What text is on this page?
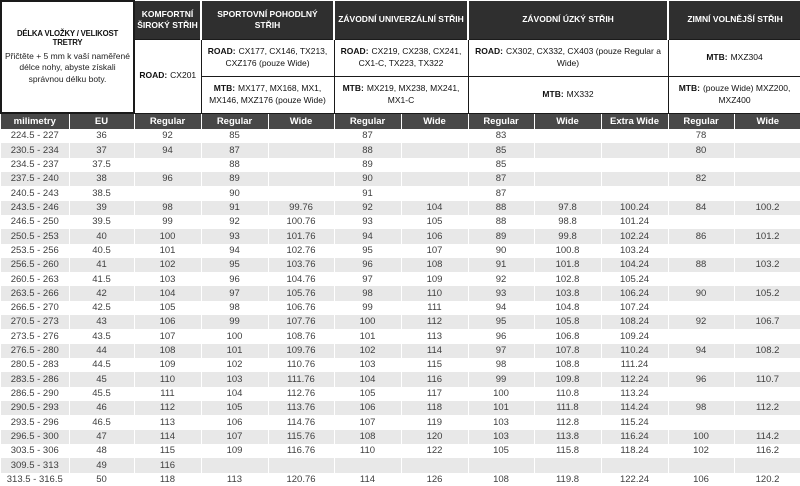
DÉLKA VLOŽKY / VELIKOST TRETRY
Přičtěte + 5 mm k vaší naměřené délce nohy, abyste získali správnou délku boty.		KOMFORTNÍ ŠIROKÝ STŘIH	SPORTOVNÍ POHODLNÝ STŘIH		ZÁVODNÍ UNIVERZÁLNÍ STŘIH		ZÁVODNÍ ÚZKÝ STŘIH			ZIMNÍ VOLNĚJŠÍ STŘIH	
		ROAD: CX201	ROAD: CX177, CX146, TX213, CXZ176 (pouze Wide)		ROAD: CX219, CX238, CX241, CX1-C, TX223, TX322		ROAD: CX302, CX332, CX403 (pouze Regular a Wide)			MTB: MXZ304	
			MTB: MX177, MX168, MX1, MX146, MXZ176 (pouze Wide)		MTB: MX219, MX238, MX241, MX1-C		MTB: MX332			MTB: (pouze Wide) MXZ200, MXZ400	
milimetry	EU	Regular	Regular	Wide	Regular	Wide	Regular	Wide	Extra Wide	Regular	Wide
224.5 - 227	36	92	85		87		83			78	
230.5 - 234	37	94	87		88		85			80	
234.5 - 237	37.5		88		89		85				
237.5 - 240	38	96	89		90		87			82	
240.5 - 243	38.5		90		91		87				
243.5 - 246	39	98	91	99.76	92	104	88	97.8	100.24	84	100.2
246.5 - 250	39.5	99	92	100.76	93	105	88	98.8	101.24		
250.5 - 253	40	100	93	101.76	94	106	89	99.8	102.24	86	101.2
253.5 - 256	40.5	101	94	102.76	95	107	90	100.8	103.24		
256.5 - 260	41	102	95	103.76	96	108	91	101.8	104.24	88	103.2
260.5 - 263	41.5	103	96	104.76	97	109	92	102.8	105.24		
263.5 - 266	42	104	97	105.76	98	110	93	103.8	106.24	90	105.2
266.5 - 270	42.5	105	98	106.76	99	111	94	104.8	107.24		
270.5 - 273	43	106	99	107.76	100	112	95	105.8	108.24	92	106.7
273.5 - 276	43.5	107	100	108.76	101	113	96	106.8	109.24		
276.5 - 280	44	108	101	109.76	102	114	97	107.8	110.24	94	108.2
280.5 - 283	44.5	109	102	110.76	103	115	98	108.8	111.24		
283.5 - 286	45	110	103	111.76	104	116	99	109.8	112.24	96	110.7
286.5 - 290	45.5	111	104	112.76	105	117	100	110.8	113.24		
290.5 - 293	46	112	105	113.76	106	118	101	111.8	114.24	98	112.2
293.5 - 296	46.5	113	106	114.76	107	119	103	112.8	115.24		
296.5 - 300	47	114	107	115.76	108	120	103	113.8	116.24	100	114.2
303.5 - 306	48	115	109	116.76	110	122	105	115.8	118.24	102	116.2
309.5 - 313	49	116									
313.5 - 316.5	50	118	113	120.76	114	126	108	119.8	122.24	106	120.2
